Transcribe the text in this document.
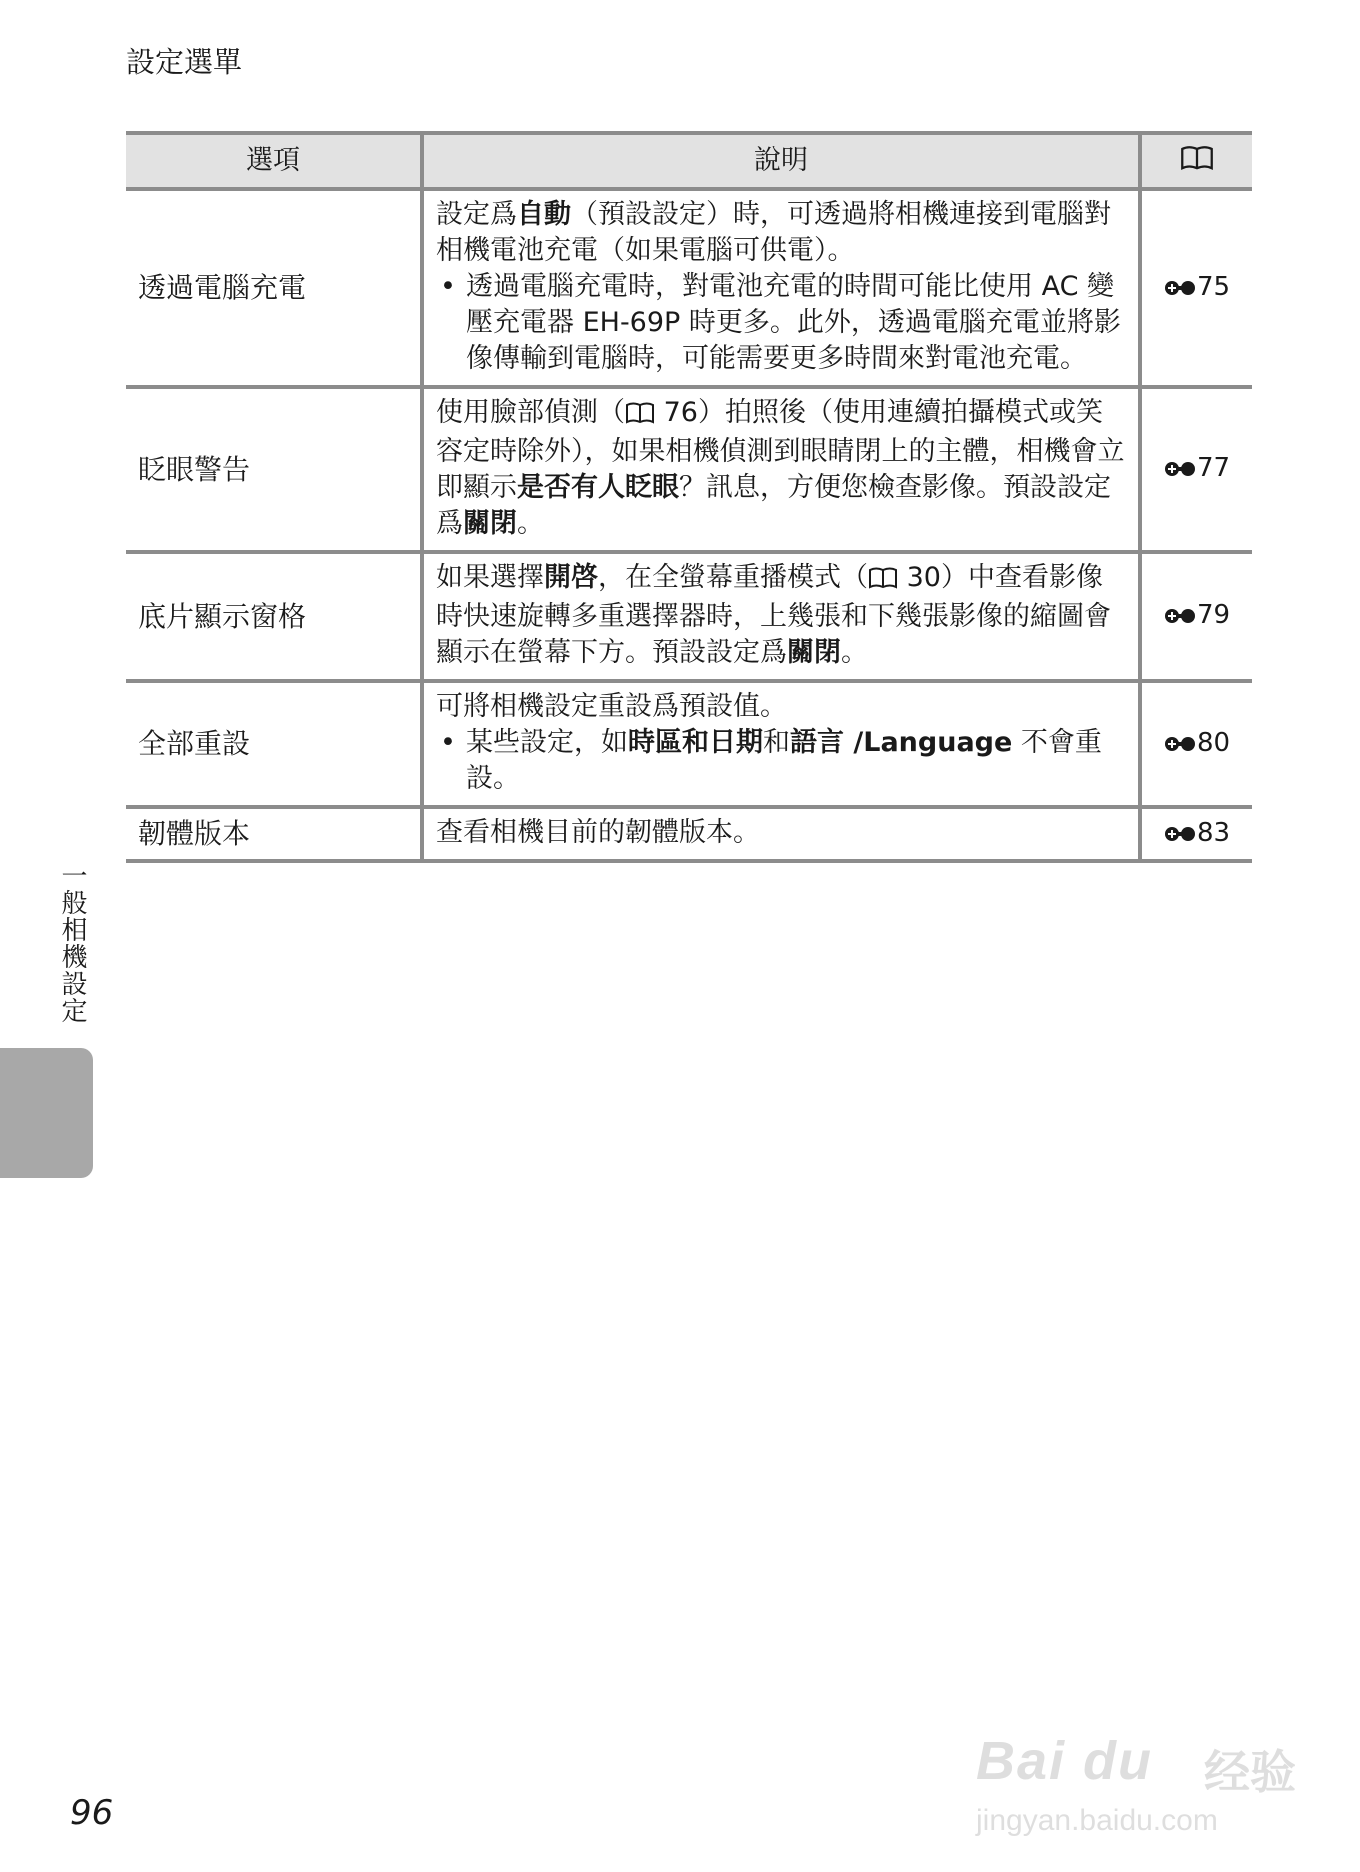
設定選單
選項	說明	
透過電腦充電	設定爲自動（預設設定）時，可透過將相機連接到電腦對相機電池充電（如果電腦可供電）。
• 透過電腦充電時，對電池充電的時間可能比使用 AC 變壓充電器 EH-69P 時更多。此外，透過電腦充電並將影像傳輸到電腦時，可能需要更多時間來對電池充電。	75
眨眼警告	使用臉部偵測（ 76）拍照後（使用連續拍攝模式或笑容定時除外），如果相機偵測到眼睛閉上的主體，相機會立即顯示是否有人眨眼？訊息，方便您檢查影像。預設設定爲關閉。	77
底片顯示窗格	如果選擇開啓，在全螢幕重播模式（ 30）中查看影像時快速旋轉多重選擇器時，上幾張和下幾張影像的縮圖會顯示在螢幕下方。預設設定爲關閉。	79
全部重設	可將相機設定重設爲預設值。
• 某些設定，如時區和日期和語言 /Language 不會重設。	80
韌體版本	查看相機目前的韌體版本。	83
一般相機設定
96
Bai du 经验
jingyan.baidu.com
